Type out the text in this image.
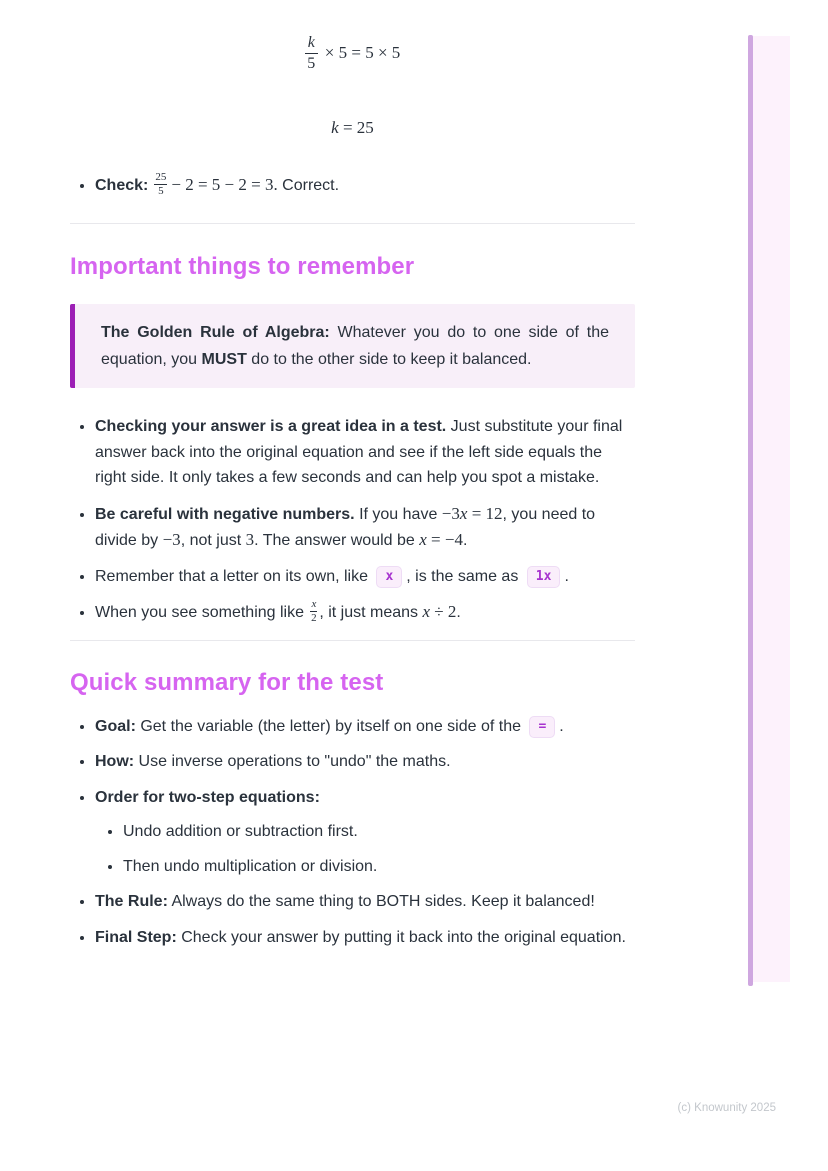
$\frac{k}{5} \times 5 = 5 \times 5$
k = 25
• Check: $\frac{25}{5} - 2 = 5 - 2 = 3$. Correct.
Important things to remember

The Golden Rule of Algebra: Whatever you do to one side of the equation, you MUST do to the other side to keep it balanced.

• Checking your answer is a great idea in a test. Just substitute your final answer back into the original equation and see if the left side equals the right side. It only takes a few seconds and can help you spot a mistake.
• Be careful with negative numbers. If you have −3x = 12, you need to divide by −3, not just 3. The answer would be x = −4.
• Remember that a letter on its own, like x , is the same as 1x .
• When you see something like $\frac{x}{2}$ , it just means x ÷ 2.
Quick summary for the test
• Goal: Get the variable (the letter) by itself on one side of the = .
• How: Use inverse operations to "undo" the maths.
• Order for two-step equations:
• Undo addition or subtraction first.
• Then undo multiplication or division.
• The Rule: Always do the same thing to BOTH sides. Keep it balanced!
• Final Step: Check your answer by putting it back into the original equation.
(c) Knowunity 2025
